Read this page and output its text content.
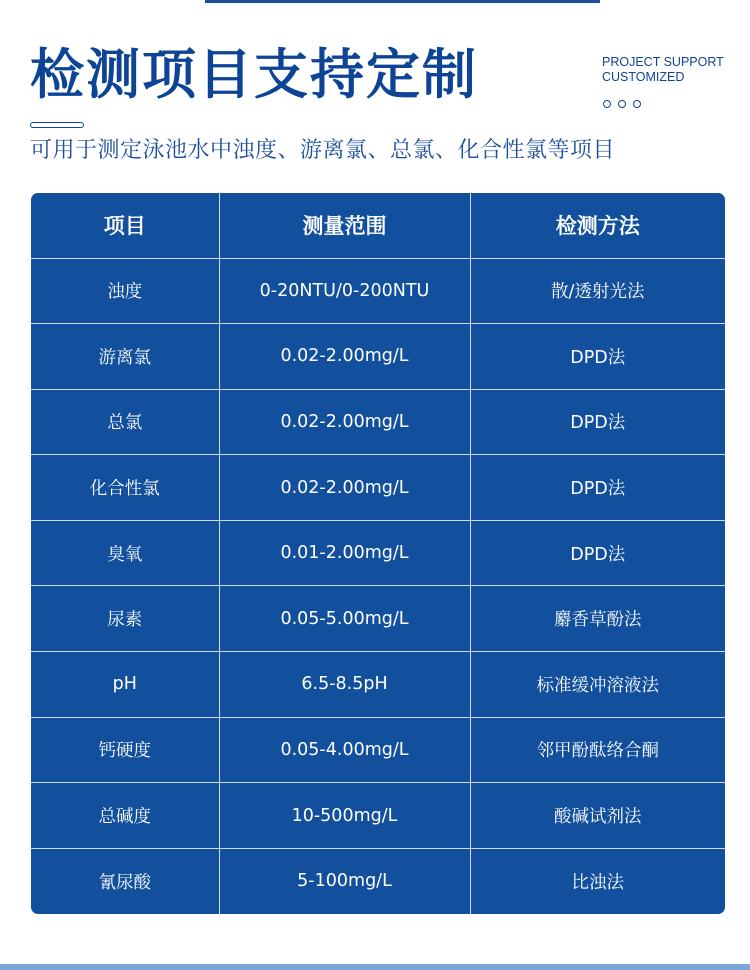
检测项目支持定制	PROJECT SUPPORT
CUSTOMIZED

可用于测定泳池水中浊度、游离氯、总氯、化合性氯等项目

项目	测量范围	检测方法
浊度	0-20NTU/0-200NTU	散/透射光法
游离氯	0.02-2.00mg/L	DPD法
总氯	0.02-2.00mg/L	DPD法
化合性氯	0.02-2.00mg/L	DPD法
臭氧	0.01-2.00mg/L	DPD法
尿素	0.05-5.00mg/L	麝香草酚法
pH	6.5-8.5pH	标准缓冲溶液法
钙硬度	0.05-4.00mg/L	邻甲酚酞络合酮
总碱度	10-500mg/L	酸碱试剂法
氰尿酸	5-100mg/L	比浊法
